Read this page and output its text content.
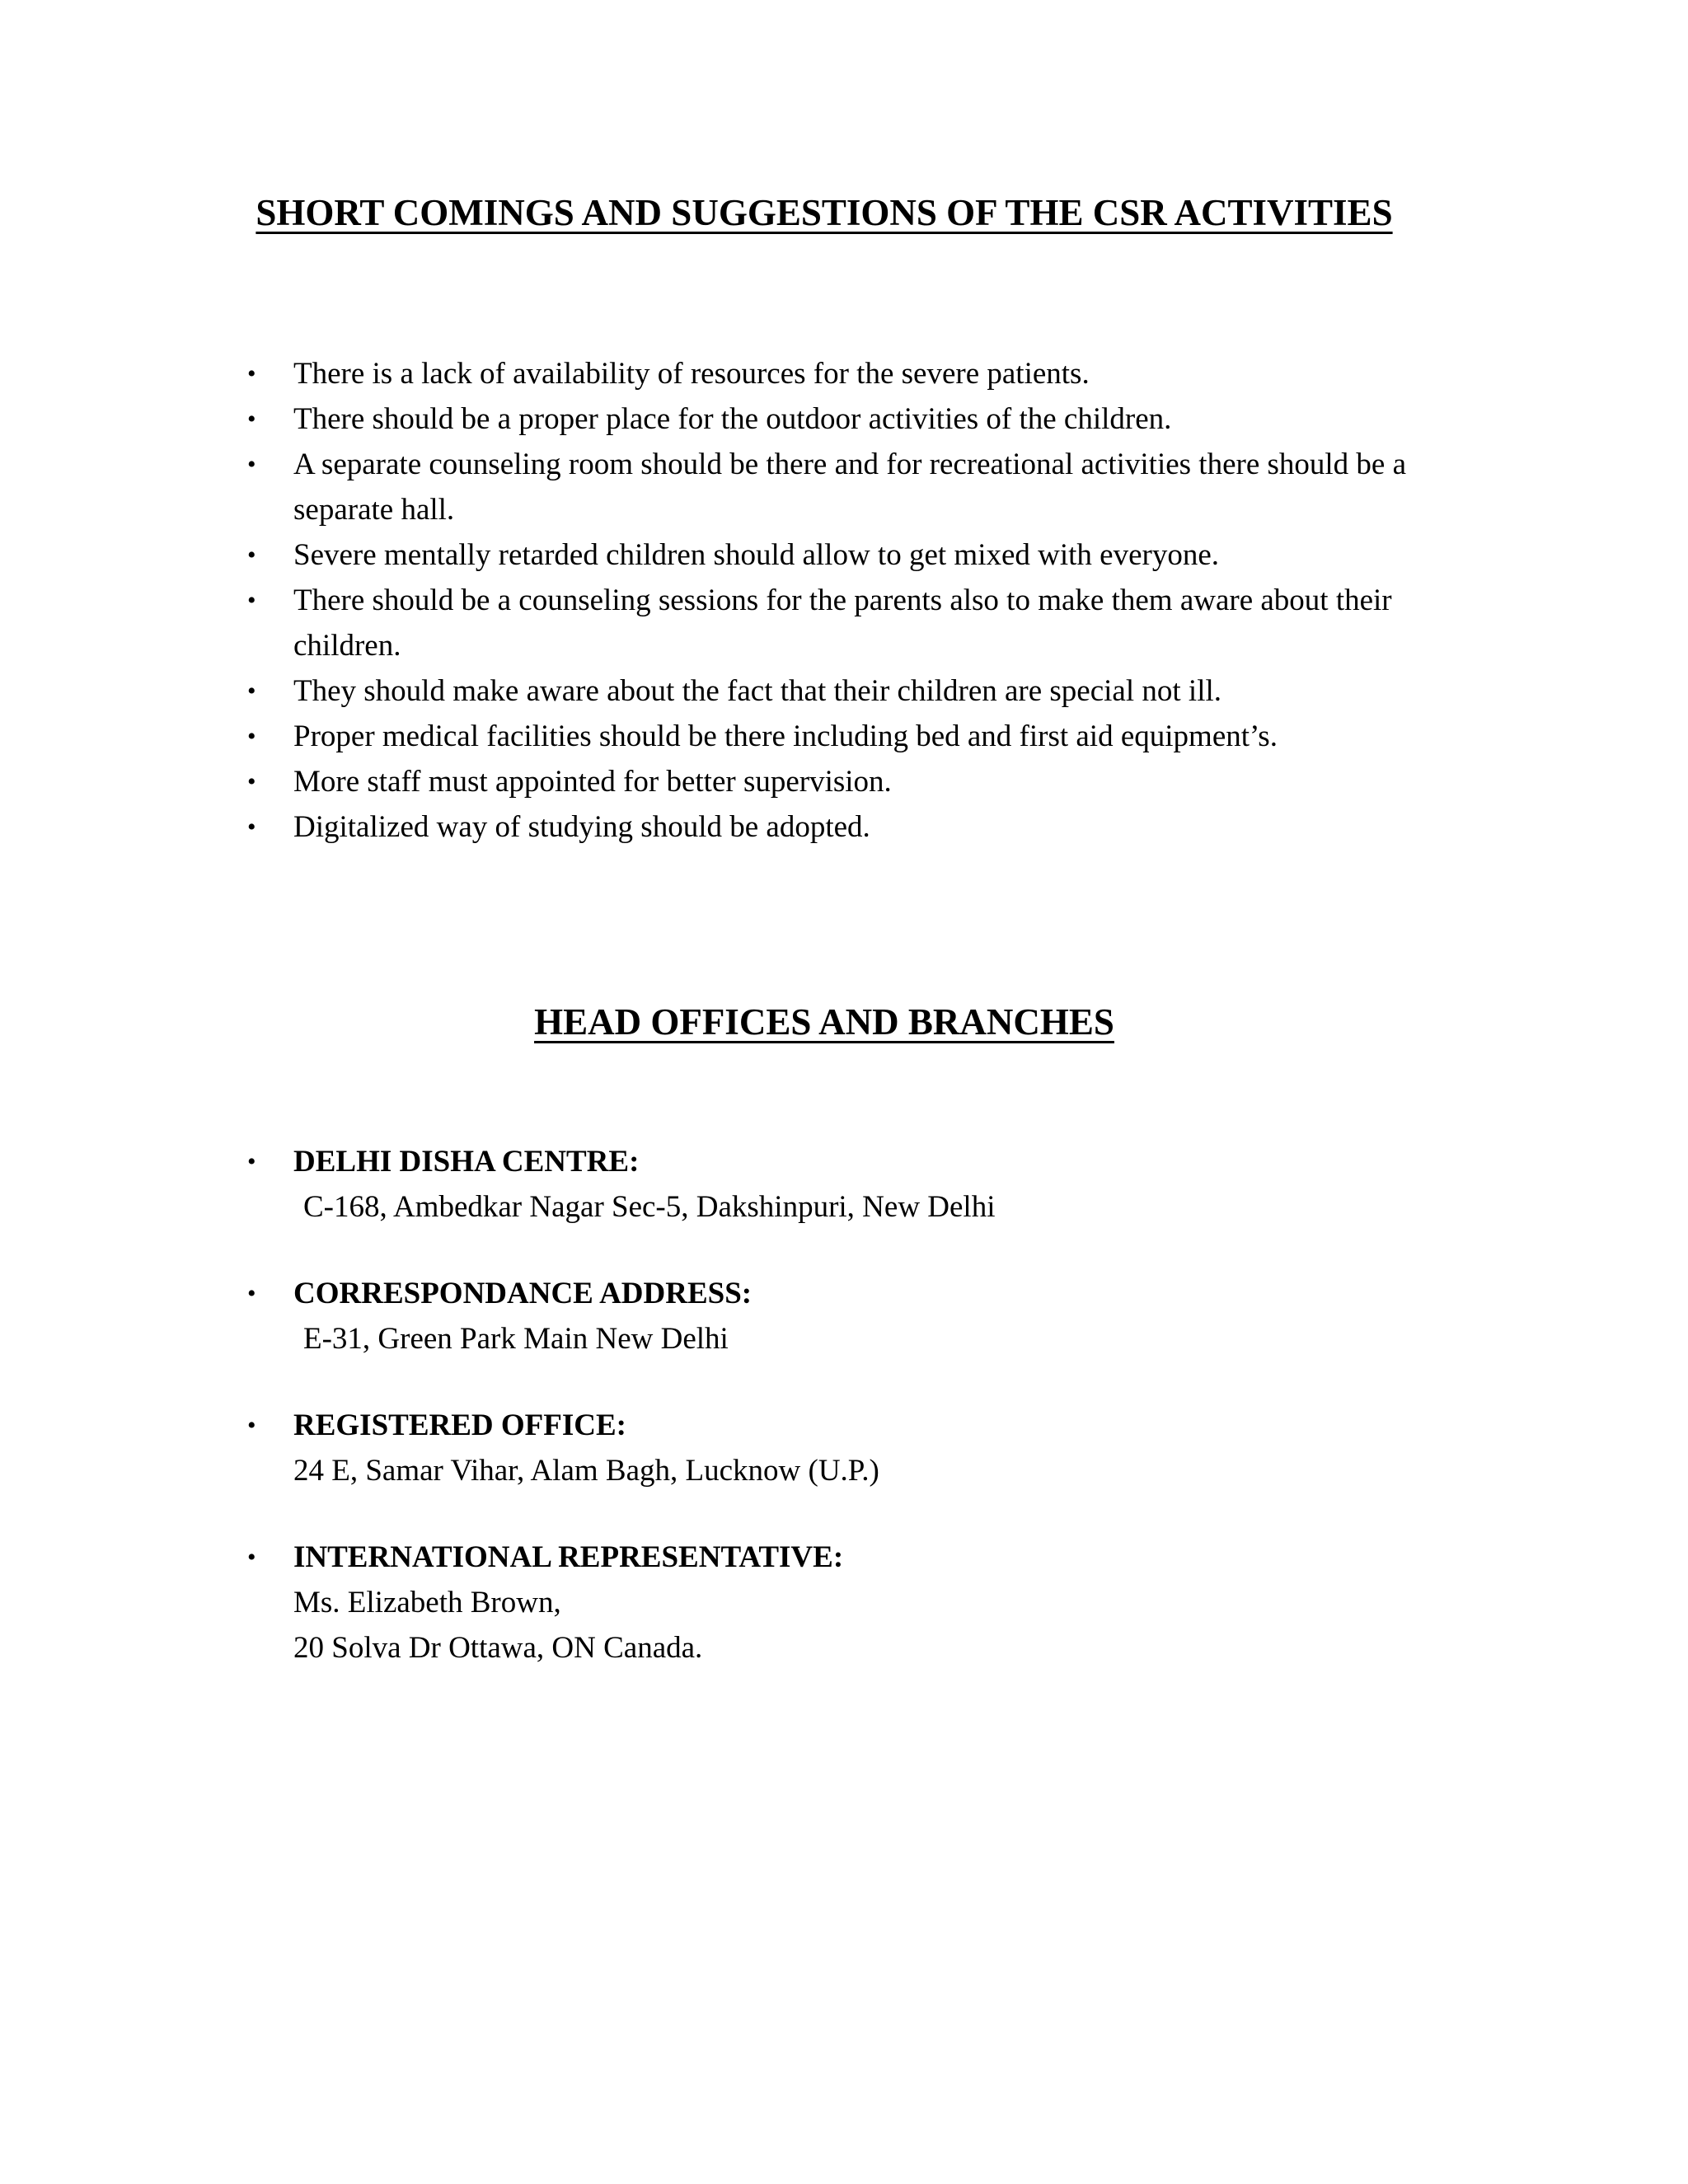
SHORT COMINGS AND SUGGESTIONS OF THE CSR ACTIVITIES
• There is a lack of availability of resources for the severe patients.
• There should be a proper place for the outdoor activities of the children.
• A separate counseling room should be there and for recreational activities there should be a separate hall.
• Severe mentally retarded children should allow to get mixed with everyone.
• There should be a counseling sessions for the parents also to make them aware about their children.
• They should make aware about the fact that their children are special not ill.
• Proper medical facilities should be there including bed and first aid equipment’s.
• More staff must appointed for better supervision.
• Digitalized way of studying should be adopted.
HEAD OFFICES AND BRANCHES
• DELHI DISHA CENTRE:
C-168, Ambedkar Nagar Sec-5, Dakshinpuri, New Delhi
• CORRESPONDANCE ADDRESS:
E-31, Green Park Main New Delhi
• REGISTERED OFFICE:
24 E, Samar Vihar, Alam Bagh, Lucknow (U.P.)
• INTERNATIONAL REPRESENTATIVE:
Ms. Elizabeth Brown,
20 Solva Dr Ottawa, ON Canada.
